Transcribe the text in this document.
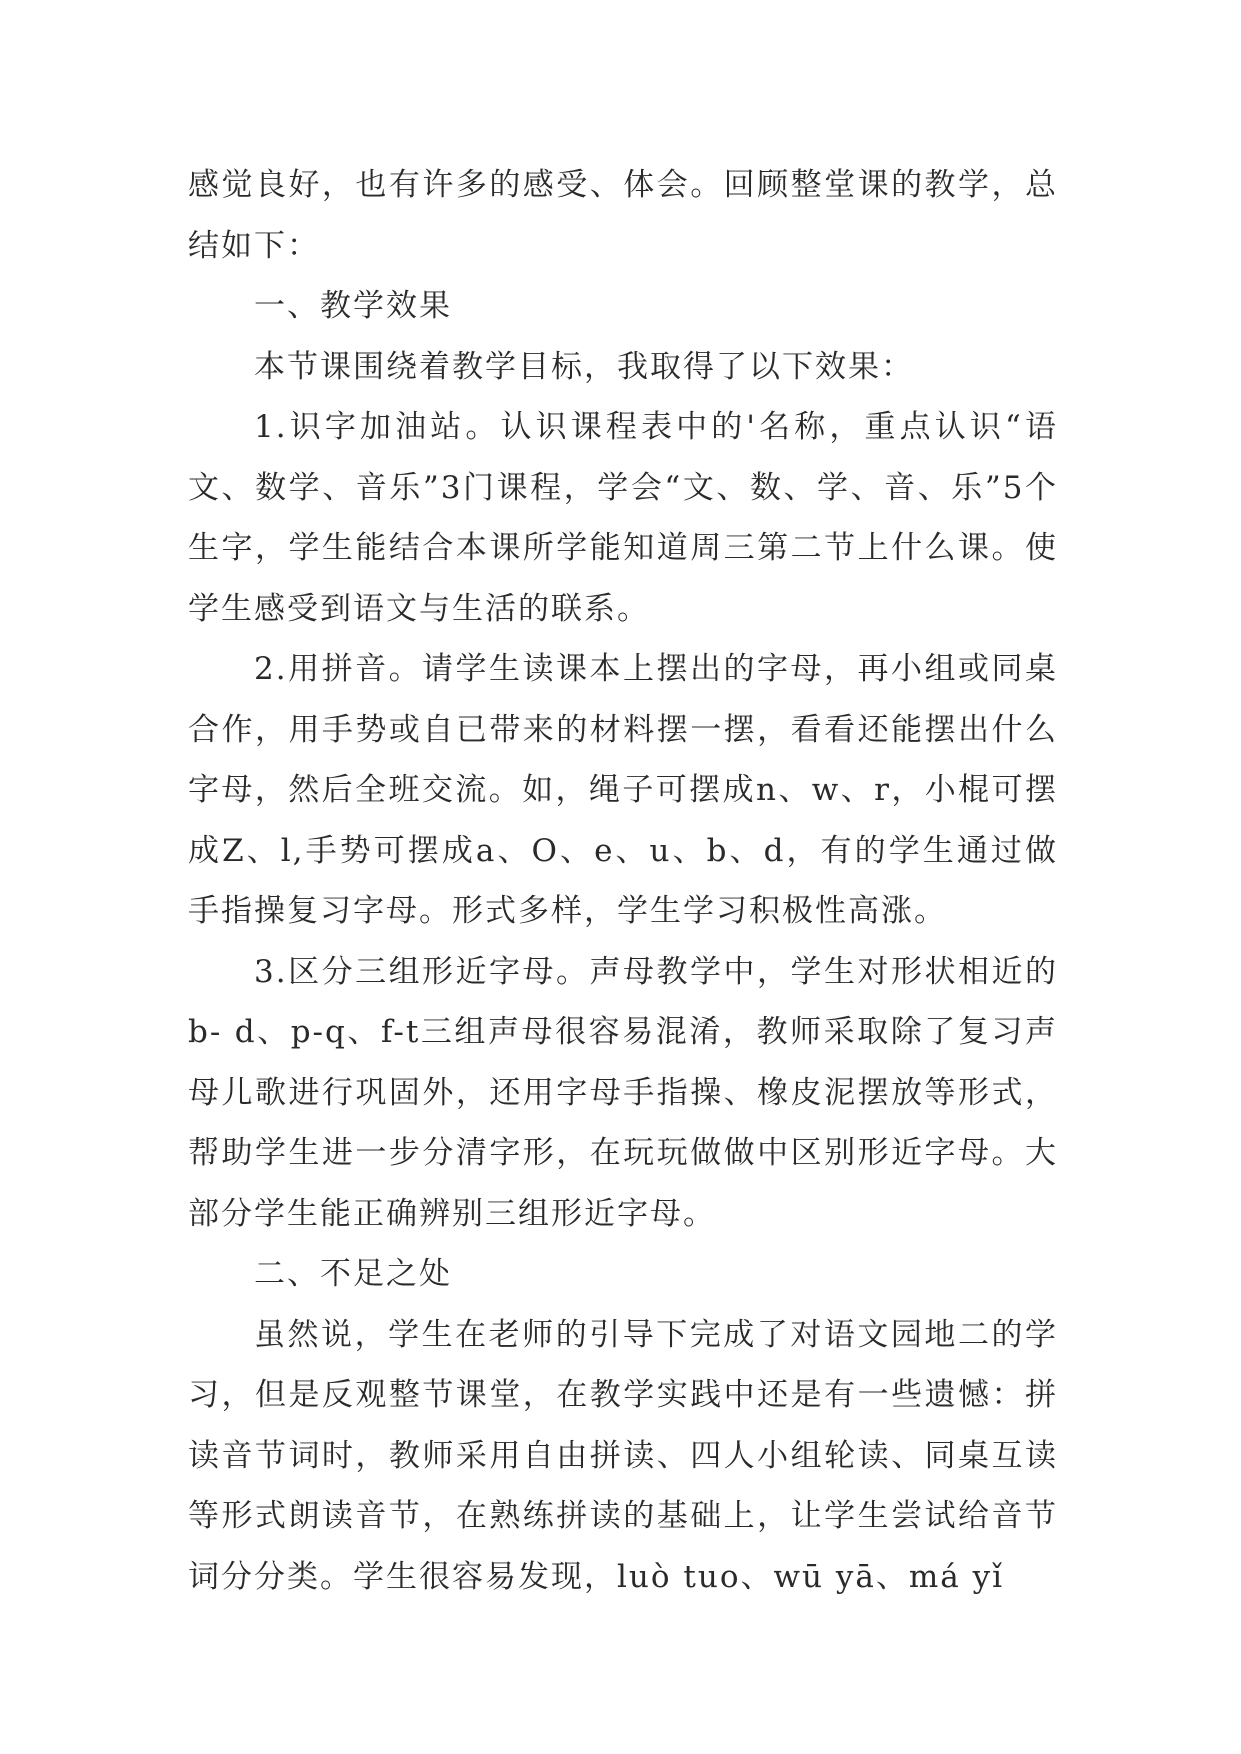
感觉良好，也有许多的感受、体会。回顾整堂课的教学，总结如下：

一、教学效果

本节课围绕着教学目标，我取得了以下效果：

1.识字加油站。认识课程表中的'名称，重点认识“语文、数学、音乐”3门课程，学会“文、数、学、音、乐”5个生字，学生能结合本课所学能知道周三第二节上什么课。使学生感受到语文与生活的联系。

2.用拼音。请学生读课本上摆出的字母，再小组或同桌合作，用手势或自已带来的材料摆一摆，看看还能摆出什么字母，然后全班交流。如，绳子可摆成n、w、r，小棍可摆成Z、l,手势可摆成a、O、e、u、b、d，有的学生通过做手指操复习字母。形式多样，学生学习积极性高涨。

3.区分三组形近字母。声母教学中，学生对形状相近的b- d、p-q、f-t三组声母很容易混淆，教师采取除了复习声母儿歌进行巩固外，还用字母手指操、橡皮泥摆放等形式，帮助学生进一步分清字形，在玩玩做做中区别形近字母。大部分学生能正确辨别三组形近字母。

二、不足之处

虽然说，学生在老师的引导下完成了对语文园地二的学习，但是反观整节课堂，在教学实践中还是有一些遗憾：拼读音节词时，教师采用自由拼读、四人小组轮读、同桌互读等形式朗读音节，在熟练拼读的基础上，让学生尝试给音节词分分类。学生很容易发现，luò tuo、wū yā、má yǐ
